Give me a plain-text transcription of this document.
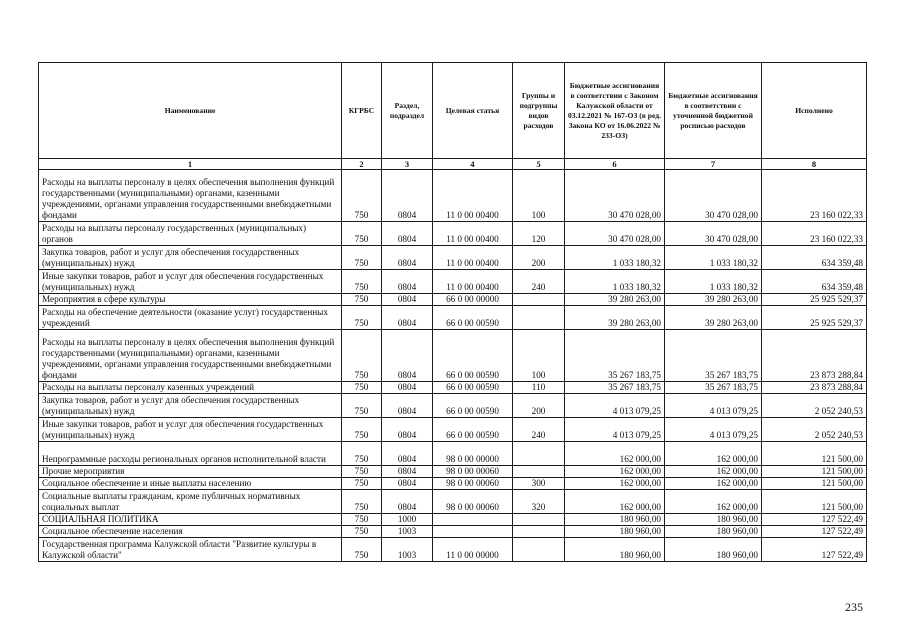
Наименование	КГРБС	Раздел, подраздел	Целевая статья	Группы и подгруппы видов расходов	Бюджетные ассигнования в соответствии с Законом Калужской области от 03.12.2021 № 167-ОЗ (в ред. Закона КО от 16.06.2022 № 233-ОЗ)	Бюджетные ассигнования в соответствии с уточненной бюджетной росписью расходов	Исполнено
1	2	3	4	5	6	7	8
Расходы на выплаты персоналу в целях обеспечения выполнения функций государственными (муниципальными) органами, казенными учреждениями, органами управления государственными внебюджетными фондами	750	0804	11 0 00 00400	100	30 470 028,00	30 470 028,00	23 160 022,33
Расходы на выплаты персоналу государственных (муниципальных) органов	750	0804	11 0 00 00400	120	30 470 028,00	30 470 028,00	23 160 022,33
Закупка товаров, работ и услуг для обеспечения государственных (муниципальных) нужд	750	0804	11 0 00 00400	200	1 033 180,32	1 033 180,32	634 359,48
Иные закупки товаров, работ и услуг для обеспечения государственных (муниципальных) нужд	750	0804	11 0 00 00400	240	1 033 180,32	1 033 180,32	634 359,48
Мероприятия в сфере культуры	750	0804	66 0 00 00000		39 280 263,00	39 280 263,00	25 925 529,37
Расходы на обеспечение деятельности (оказание услуг) государственных учреждений	750	0804	66 0 00 00590		39 280 263,00	39 280 263,00	25 925 529,37
Расходы на выплаты персоналу в целях обеспечения выполнения функций государственными (муниципальными) органами, казенными учреждениями, органами управления государственными внебюджетными фондами	750	0804	66 0 00 00590	100	35 267 183,75	35 267 183,75	23 873 288,84
Расходы на выплаты персоналу казенных учреждений	750	0804	66 0 00 00590	110	35 267 183,75	35 267 183,75	23 873 288,84
Закупка товаров, работ и услуг для обеспечения государственных (муниципальных) нужд	750	0804	66 0 00 00590	200	4 013 079,25	4 013 079,25	2 052 240,53
Иные закупки товаров, работ и услуг для обеспечения государственных (муниципальных) нужд	750	0804	66 0 00 00590	240	4 013 079,25	4 013 079,25	2 052 240,53
Непрограммные расходы региональных органов исполнительной власти	750	0804	98 0 00 00000		162 000,00	162 000,00	121 500,00
Прочие мероприятия	750	0804	98 0 00 00060		162 000,00	162 000,00	121 500,00
Социальное обеспечение и иные выплаты населению	750	0804	98 0 00 00060	300	162 000,00	162 000,00	121 500,00
Социальные выплаты гражданам, кроме публичных нормативных социальных выплат	750	0804	98 0 00 00060	320	162 000,00	162 000,00	121 500,00
СОЦИАЛЬНАЯ ПОЛИТИКА	750	1000			180 960,00	180 960,00	127 522,49
Социальное обеспечение населения	750	1003			180 960,00	180 960,00	127 522,49
Государственная программа Калужской области "Развитие культуры в Калужской области"	750	1003	11 0 00 00000		180 960,00	180 960,00	127 522,49
235
